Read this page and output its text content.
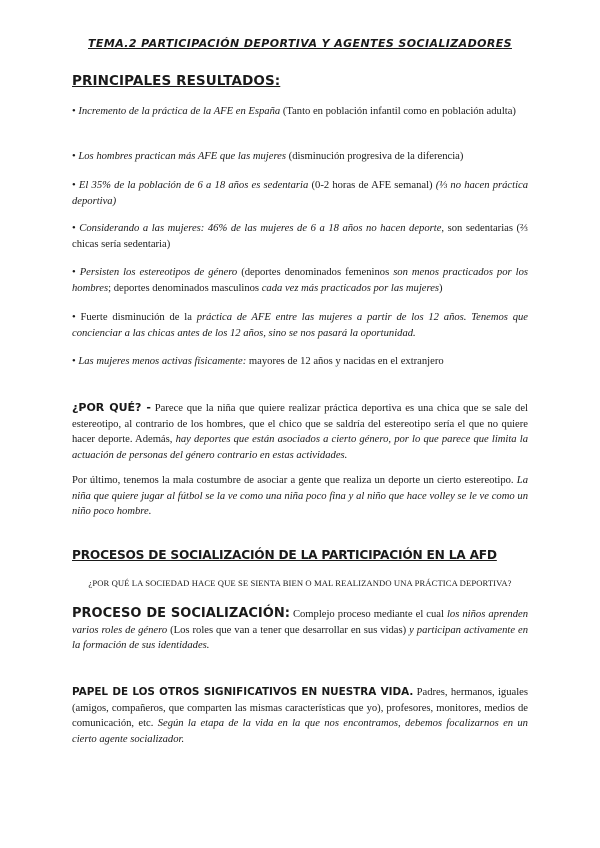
TEMA.2 PARTICIPACIÓN DEPORTIVA Y AGENTES SOCIALIZADORES
PRINCIPALES RESULTADOS:
• Incremento de la práctica de la AFE en España (Tanto en población infantil como en población adulta)
• Los hombres practican más AFE que las mujeres (disminución progresiva de la diferencia)
• El 35% de la población de 6 a 18 años es sedentaria (0-2 horas de AFE semanal) (⅓ no hacen práctica deportiva)
• Considerando a las mujeres: 46% de las mujeres de 6 a 18 años no hacen deporte, son sedentarias (⅔ chicas sería sedentaria)
• Persisten los estereotipos de género (deportes denominados femeninos son menos practicados por los hombres; deportes denominados masculinos cada vez más practicados por las mujeres)
• Fuerte disminución de la práctica de AFE entre las mujeres a partir de los 12 años. Tenemos que concienciar a las chicas antes de los 12 años, sino se nos pasará la oportunidad.
• Las mujeres menos activas físicamente: mayores de 12 años y nacidas en el extranjero
¿POR QUÉ? - Parece que la niña que quiere realizar práctica deportiva es una chica que se sale del estereotipo, al contrario de los hombres, que el chico que se saldría del estereotipo sería el que no quiere hacer deporte. Además, hay deportes que están asociados a cierto género, por lo que parece que limita la actuación de personas del género contrario en estas actividades.
Por último, tenemos la mala costumbre de asociar a gente que realiza un deporte un cierto estereotipo. La niña que quiere jugar al fútbol se la ve como una niña poco fina y al niño que hace volley se le ve como un niño poco hombre.
PROCESOS DE SOCIALIZACIÓN DE LA PARTICIPACIÓN EN LA AFD
¿POR QUÉ LA SOCIEDAD HACE QUE SE SIENTA BIEN O MAL REALIZANDO UNA PRÁCTICA DEPORTIVA?
PROCESO DE SOCIALIZACIÓN: Complejo proceso mediante el cual los niños aprenden varios roles de género (Los roles que van a tener que desarrollar en sus vidas) y participan activamente en la formación de sus identidades.
PAPEL DE LOS OTROS SIGNIFICATIVOS EN NUESTRA VIDA. Padres, hermanos, iguales (amigos, compañeros, que comparten las mismas características que yo), profesores, monitores, medios de comunicación, etc. Según la etapa de la vida en la que nos encontramos, debemos focalizarnos en un cierto agente socializador.
